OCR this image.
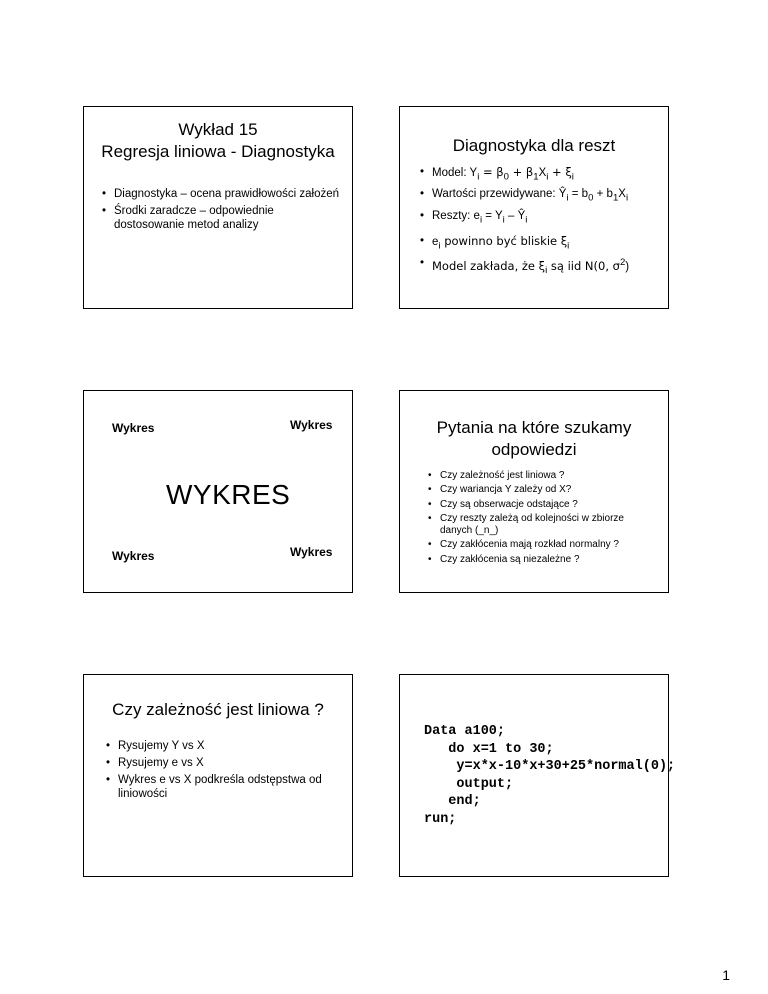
Wykład 15
Regresja liniowa - Diagnostyka
• Diagnostyka – ocena prawidłowości założeń
• Środki zaradcze – odpowiednie dostosowanie metod analizy
Diagnostyka dla reszt
• Model: $Y_i = \beta_0 + \beta_1X_i + \xi_i$
• Wartości przewidywane: $Ŷ_i = b_0 + b_1X_i$
• Reszty: $e_i = Y_i$ – $Ŷ_i$
• $e_i$ powinno być bliskie $\xi_i$
• Model zakłada, że $\xi_i$ są iid N(0, $\sigma^2$)
Wykres	Wykres
WYKRES
Wykres	Wykres
Pytania na które szukamy
odpowiedzi
• Czy zależność jest liniowa ?
• Czy wariancja Y zależy od X?
• Czy są obserwacje odstające ?
• Czy reszty zależą od kolejności w zbiorze danych (_n_)
• Czy zakłócenia mają rozkład normalny ?
• Czy zakłócenia są niezależne ?
Czy zależność jest liniowa ?
• Rysujemy Y vs X
• Rysujemy e vs X
• Wykres e vs X podkreśla odstępstwa od liniowości
Data a100;
do x=1 to 30;
y=x*x-10*x+30+25*normal(0);
output;
end;
run;
1
